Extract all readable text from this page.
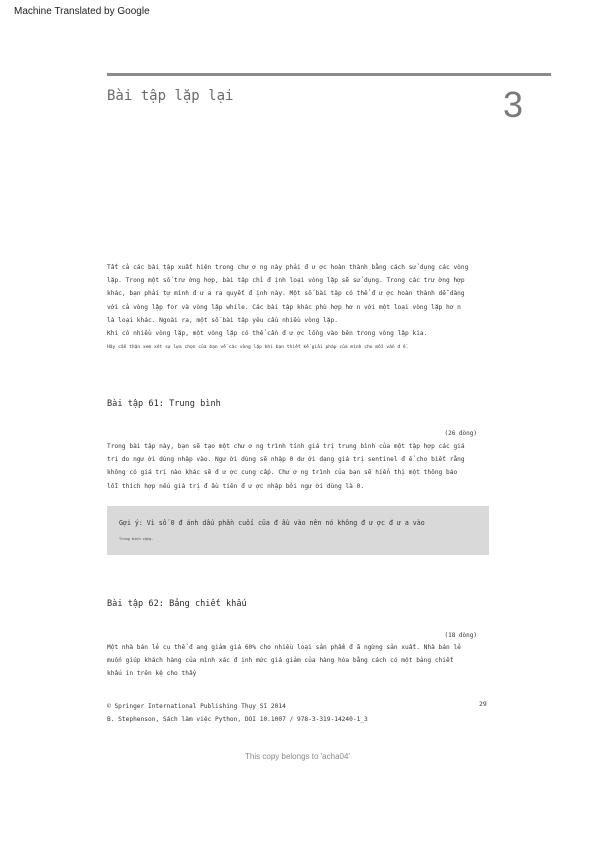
Machine Translated by Google
Bài tập lặp lại	3
Tất cả các bài tập xuất hiện trong chư ơ ng này phải đ ư ợc hoàn thành bằng cách sử dụng các vòng
lặp. Trong một số trư ờng hợp, bài tập chỉ đ ịnh loại vòng lặp sẽ sử dụng. Trong các trư ờng hợp
khác, bạn phải tự mình đ ư a ra quyết đ ịnh này. Một số bài tập có thể đ ư ợc hoàn thành dễ dàng
với cả vòng lặp for và vòng lặp while. Các bài tập khác phù hợp hơ n với một loại vòng lặp hơ n
là loại khác. Ngoài ra, một số bài tập yêu cầu nhiều vòng lặp.
Khi có nhiều vòng lặp, một vòng lặp có thể cần đ ư ợc lồng vào bên trong vòng lặp kia.
Hãy cẩn thận xem xét sự lựa chọn của bạn về các vòng lặp khi bạn thiết kế giải pháp của mình cho mỗi vấn đ ề.
Bài tập 61: Trung bình
(26 dòng)
Trong bài tập này, bạn sẽ tạo một chư ơ ng trình tính giá trị trung bình của một tập hợp các giá
trị do ngư ời dùng nhập vào. Ngư ời dùng sẽ nhập 0 dư ới dạng giá trị sentinel đ ể cho biết rằng
không có giá trị nào khác sẽ đ ư ợc cung cấp. Chư ơ ng trình của bạn sẽ hiển thị một thông báo
lỗi thích hợp nếu giá trị đ ầu tiên đ ư ợc nhập bởi ngư ời dùng là 0.
Gợi ý: Vì số 0 đ ánh dấu phần cuối của đ ầu vào nên nó không đ ư ợc đ ư a vào
Trung bình cộng.
Bài tập 62: Bảng chiết khấu
(18 dòng)
Một nhà bán lẻ cụ thể đ ang giảm giá 60% cho nhiều loại sản phẩm đ ã ngừng sản xuất. Nhà bán lẻ
muốn giúp khách hàng của mình xác đ ịnh mức giá giảm của hàng hóa bằng cách có một bảng chiết
khấu in trên kệ cho thấy
© Springer International Publishing Thụy Sĩ 2014
B. Stephenson, Sách làm việc Python, DOI 10.1007 / 978-3-319-14240-1_3
29
This copy belongs to 'acha04'
